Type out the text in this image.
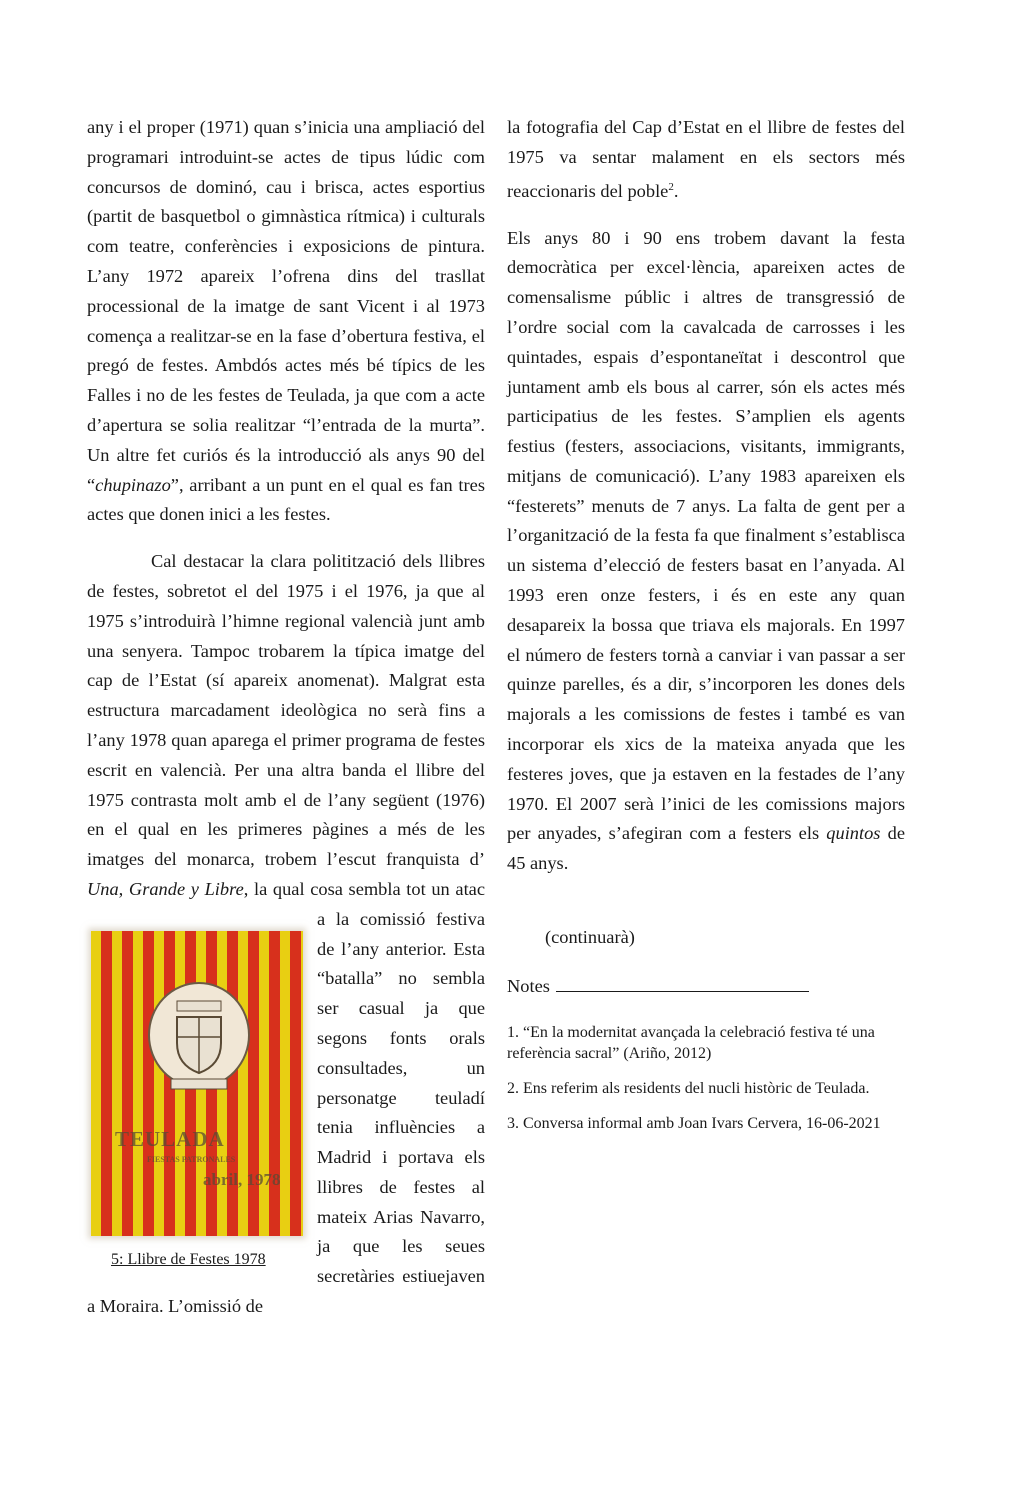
any i el proper (1971) quan s’inicia una ampliació del programari introduint-se actes de tipus lúdic com concursos de dominó, cau i brisca, actes esportius (partit de basquetbol o gimnàstica rítmica) i culturals com teatre, conferències i exposicions de pintura. L’any 1972 apareix l’ofrena dins del trasllat processional de la imatge de sant Vicent i al 1973 comença a realitzar-se en la fase d’obertura festiva, el pregó de festes. Ambdós actes més bé típics de les Falles i no de les festes de Teulada, ja que com a acte d’apertura se solia realitzar “l’entrada de la murta”. Un altre fet curiós és la introducció als anys 90 del “chupinazo”, arribant a un punt en el qual es fan tres actes que donen inici a les festes.

Cal destacar la clara politització dels llibres de festes, sobretot el del 1975 i el 1976, ja que al 1975 s’introduirà l’himne regional valencià junt amb una senyera. Tampoc trobarem la típica imatge del cap de l’Estat (sí apareix anomenat). Malgrat esta estructura marcadament ideològica no serà fins a l’any 1978 quan aparega el primer programa de festes escrit en valencià. Per una altra banda el llibre del 1975 contrasta molt amb el de l’any següent (1976) en el qual en les primeres pàgines a més de les imatges del monarca, trobem l’escut franquista d’ Una, Grande y Libre, la qual cosa sembla tot un atac a la comissió festiva de l’any anterior. Esta “batalla” no sembla ser casual ja que segons fonts orals consultades, un personatge teuladí tenia influències a Madrid i portava els llibres de festes al mateix Arias Navarro, ja que les seues secretàries estiuejaven a Moraira. L’omissió de

TEULADA
FIESTAS PATRONALES
abril, 1978
5: Llibre de Festes 1978

la fotografia del Cap d’Estat en el llibre de festes del 1975 va sentar malament en els sectors més reaccionaris del poble$^2$.

Els anys 80 i 90 ens trobem davant la festa democràtica per excel·lència, apareixen actes de comensalisme públic i altres de transgressió de l’ordre social com la cavalcada de carrosses i les quintades, espais d’espontaneïtat i descontrol que juntament amb els bous al carrer, són els actes més participatius de les festes. S’amplien els agents festius (festers, associacions, visitants, immigrants, mitjans de comunicació). L’any 1983 apareixen els “festerets” menuts de 7 anys. La falta de gent per a l’organització de la festa fa que finalment s’establisca un sistema d’elecció de festers basat en l’anyada. Al 1993 eren onze festers, i és en este any quan desapareix la bossa que triava els majorals. En 1997 el número de festers tornà a canviar i van passar a ser quinze parelles, és a dir, s’incorporen les dones dels majorals a les comissions de festes i també es van incorporar els xics de la mateixa anyada que les festeres joves, que ja estaven en la festades de l’any 1970. El 2007 serà l’inici de les comissions majors per anyades, s’afegiran com a festers els quintos de 45 anys.

(continuarà)
Notes

1. “En la modernitat avançada la celebració festiva té una referència sacral” (Ariño, 2012)

2. Ens referim als residents del nucli històric de Teulada.

3. Conversa informal amb Joan Ivars Cervera, 16-06-2021
